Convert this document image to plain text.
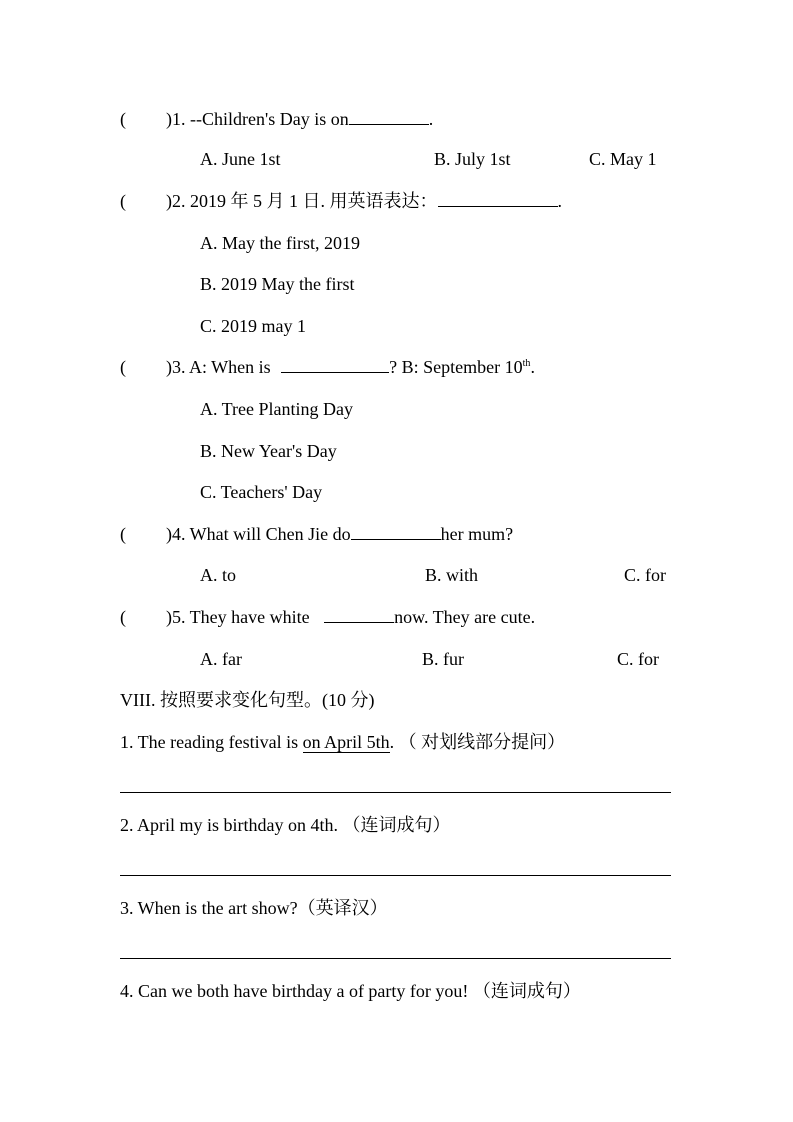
( )1. --Children's Day is on	.
A. June 1st	B. July 1st	C. May 1
( )2. 2019 年 5 月 1 日. 用英语表达：	.
A. May the first, 2019
B. 2019 May the first
C. 2019 may 1
( )3. A: When is	? B: September 10th.
A. Tree Planting Day
B. New Year's Day
C. Teachers' Day
( )4. What will Chen Jie do	her mum?
A. to	B. with	C. for
( )5. They have white	now. They are cute.
A. far	B. fur	C. for
VIII. 按照要求变化句型。(10 分)
1. The reading festival is on April 5th. （ 对划线部分提问）
2. April my is birthday on 4th. （连词成句）
3. When is the art show?（英译汉）
4. Can we both have birthday a of party for you! （连词成句）
